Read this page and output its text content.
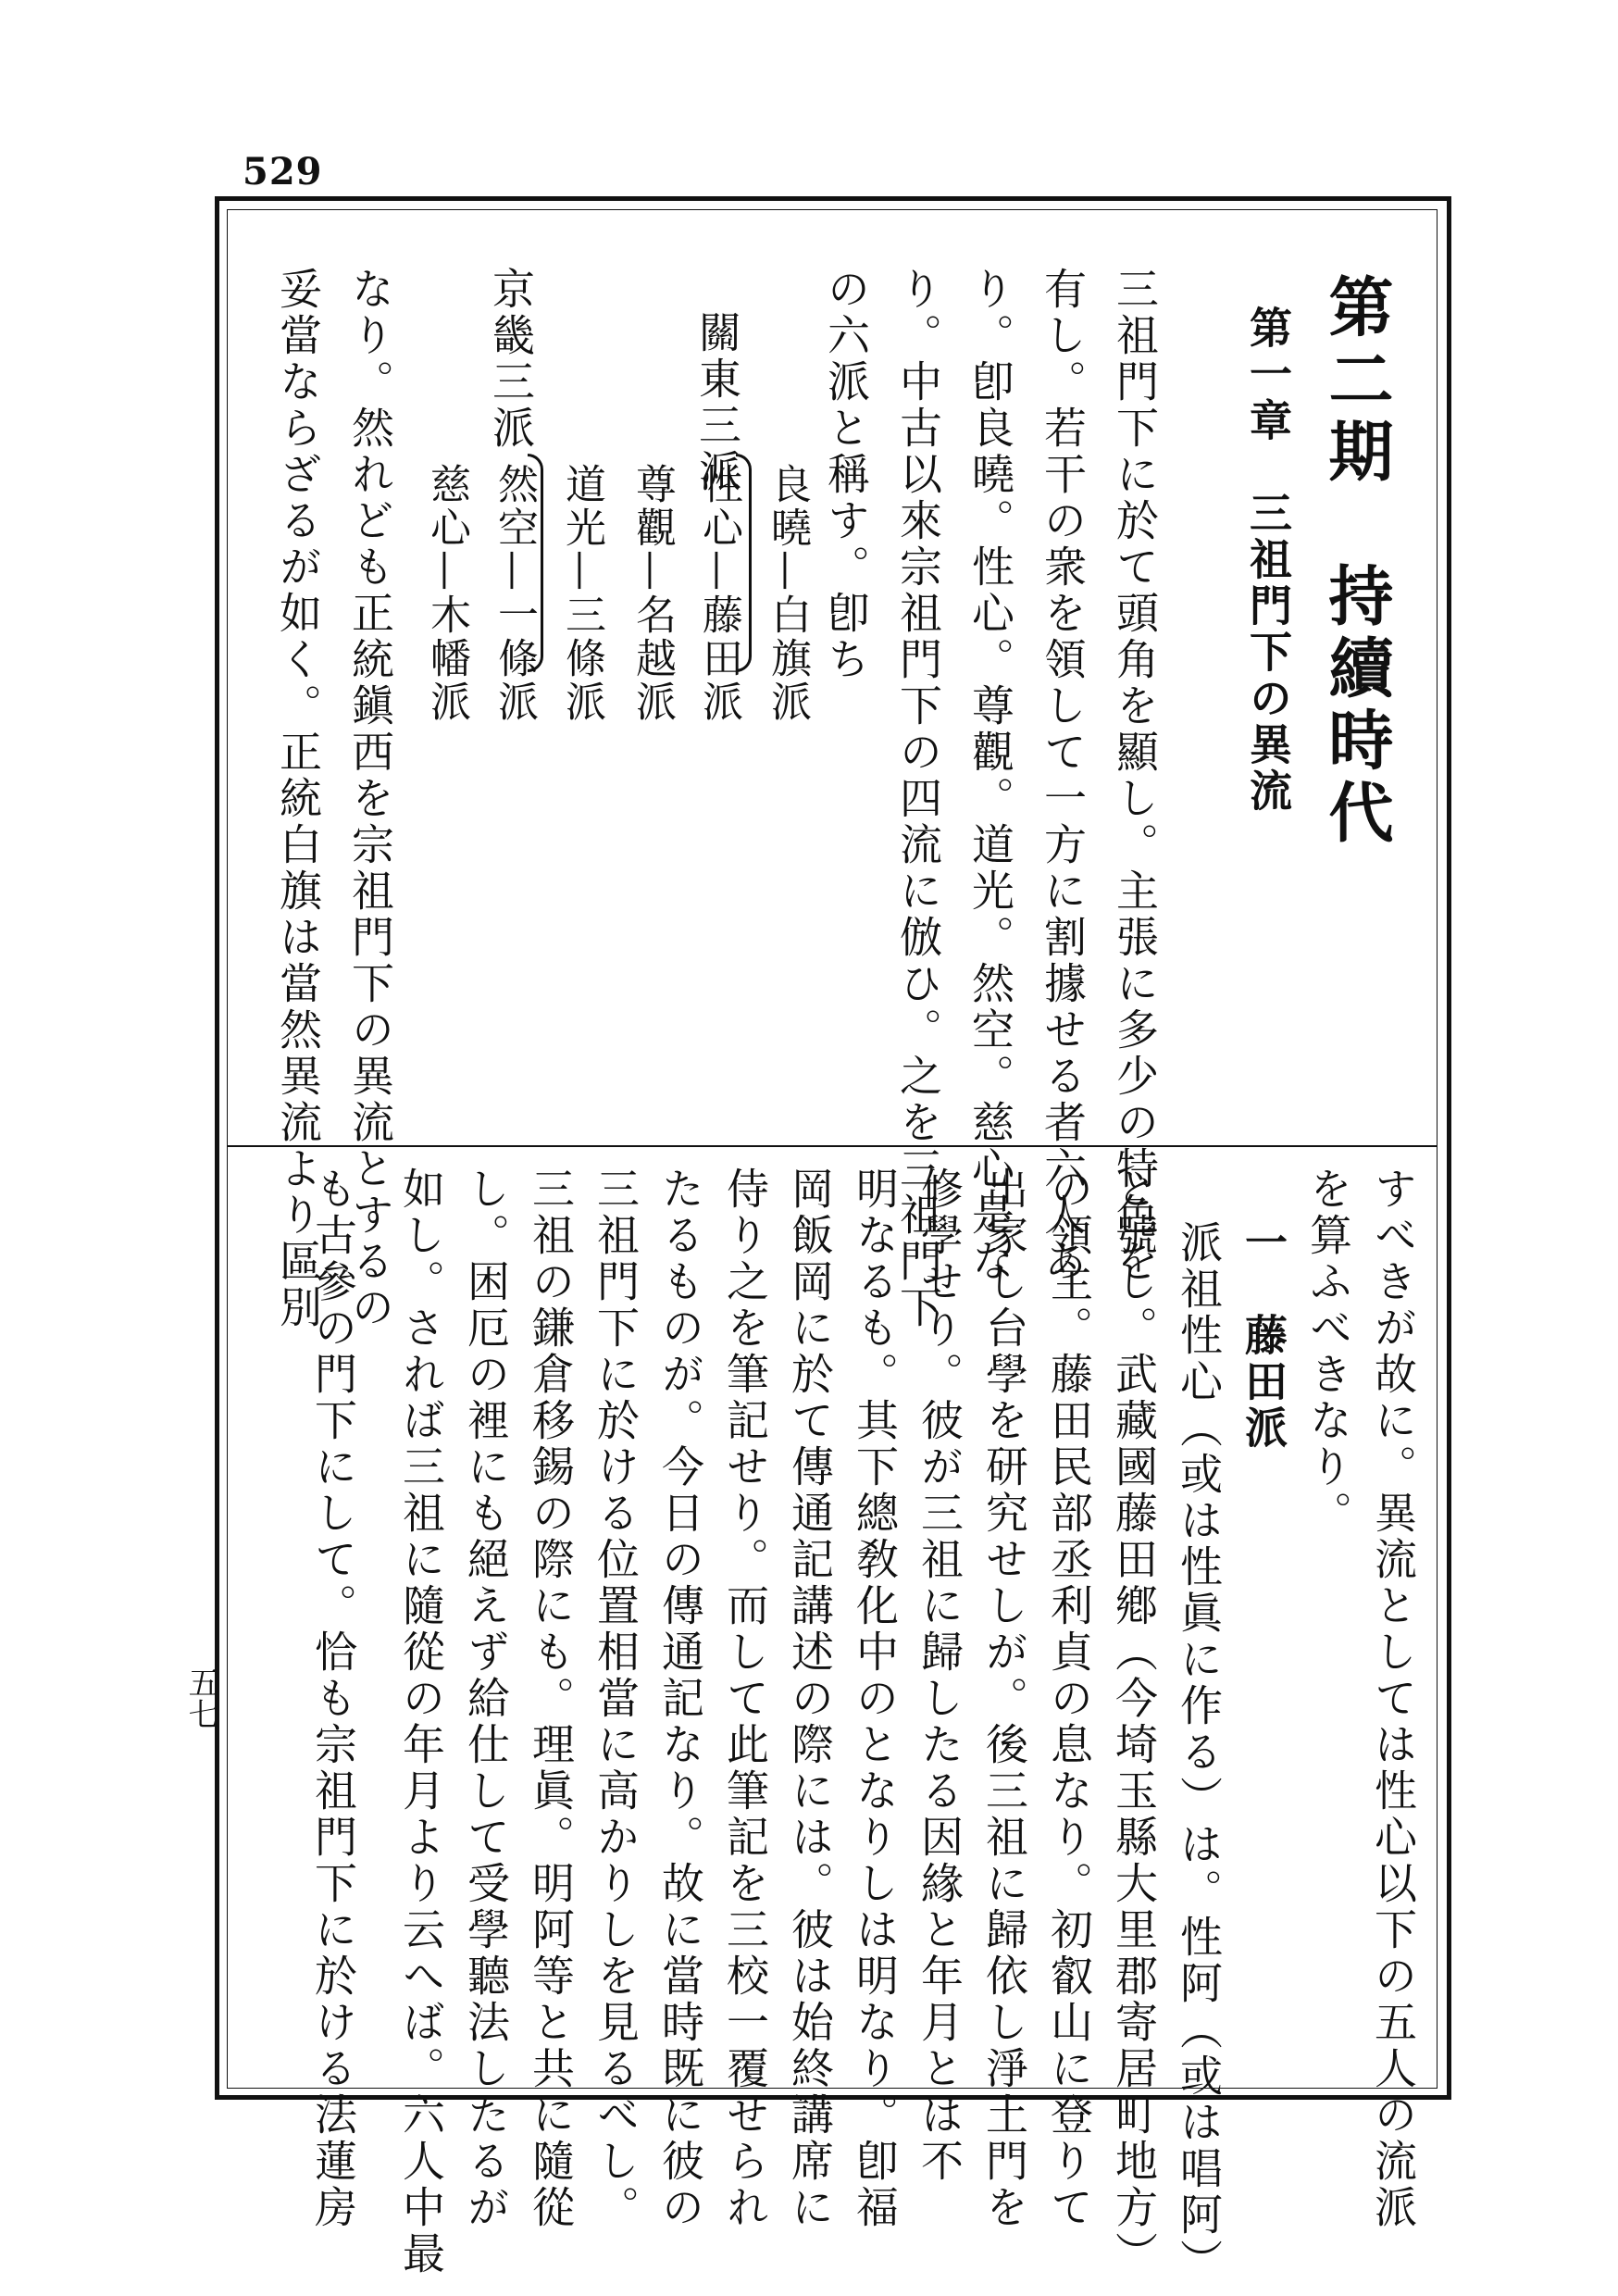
529
五七
第二期　持續時代
第一章　三祖門下の異流
三祖門下に於て頭角を顯し。主張に多少の特色を
有し。若干の衆を領して一方に割據せる者六人あ
り。卽良曉。性心。尊觀。道光。然空。慈心是な
り。中古以來宗祖門下の四流に倣ひ。之を三祖門下
の六派と稱す。卽ち
關東三派
良曉—白旗派
性心—藤田派
尊觀—名越派
京畿三派
道光—三條派
然空—一條派
慈心—木幡派
なり。然れども正統鎭西を宗祖門下の異流とするの
妥當ならざるが如く。正統白旗は當然異流より區別
すべきが故に。異流としては性心以下の五人の流派
を算ふべきなり。
一　藤田派
派祖性心（或は性眞に作る）は。性阿（或は唱阿）
と號し。武藏國藤田鄕（今埼玉縣大里郡寄居町地方）
の領主。藤田民部丞利貞の息なり。初叡山に登りて
出家し台學を研究せしが。後三祖に歸依し淨土門を
修學せり。彼が三祖に歸したる因緣と年月とは不
明なるも。其下總敎化中のとなりしは明なり。卽福
岡飯岡に於て傳通記講述の際には。彼は始終講席に
侍り之を筆記せり。而して此筆記を三校一覆せられ
たるものが。今日の傳通記なり。故に當時既に彼の
三祖門下に於ける位置相當に高かりしを見るべし。
三祖の鎌倉移錫の際にも。理眞。明阿等と共に隨從
し。困厄の裡にも絕えず給仕して受學聽法したるが
如し。されば三祖に隨從の年月より云へば。六人中最
も古參の門下にして。恰も宗祖門下に於ける法蓮房
